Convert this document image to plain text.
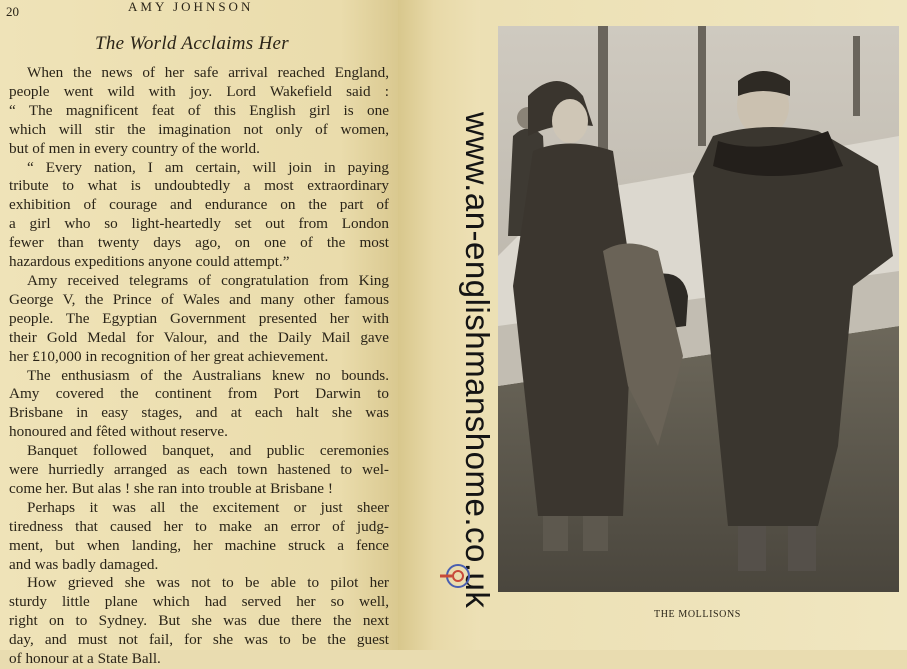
20	AMY JOHNSON
The World Acclaims Her
When the news of her safe arrival reached England,
people went wild with joy. Lord Wakefield said :
“ The magnificent feat of this English girl is one
which will stir the imagination not only of women,
but of men in every country of the world.
“ Every nation, I am certain, will join in paying
tribute to what is undoubtedly a most extraordinary
exhibition of courage and endurance on the part of
a girl who so light-heartedly set out from London
fewer than twenty days ago, on one of the most
hazardous expeditions anyone could attempt.”
Amy received telegrams of congratulation from King
George V, the Prince of Wales and many other famous
people. The Egyptian Government presented her with
their Gold Medal for Valour, and the Daily Mail gave
her £10,000 in recognition of her great achievement.
The enthusiasm of the Australians knew no bounds.
Amy covered the continent from Port Darwin to
Brisbane in easy stages, and at each halt she was
honoured and fêted without reserve.
Banquet followed banquet, and public ceremonies
were hurriedly arranged as each town hastened to wel-
come her. But alas ! she ran into trouble at Brisbane !
Perhaps it was all the excitement or just sheer
tiredness that caused her to make an error of judg-
ment, but when landing, her machine struck a fence
and was badly damaged.
How grieved she was not to be able to pilot her
sturdy little plane which had served her so well,
right on to Sydney. But she was due there the next
day, and must not fail, for she was to be the guest
of honour at a State Ball.
THE MOLLISONS
www.an-englishmanshome.co.uk
